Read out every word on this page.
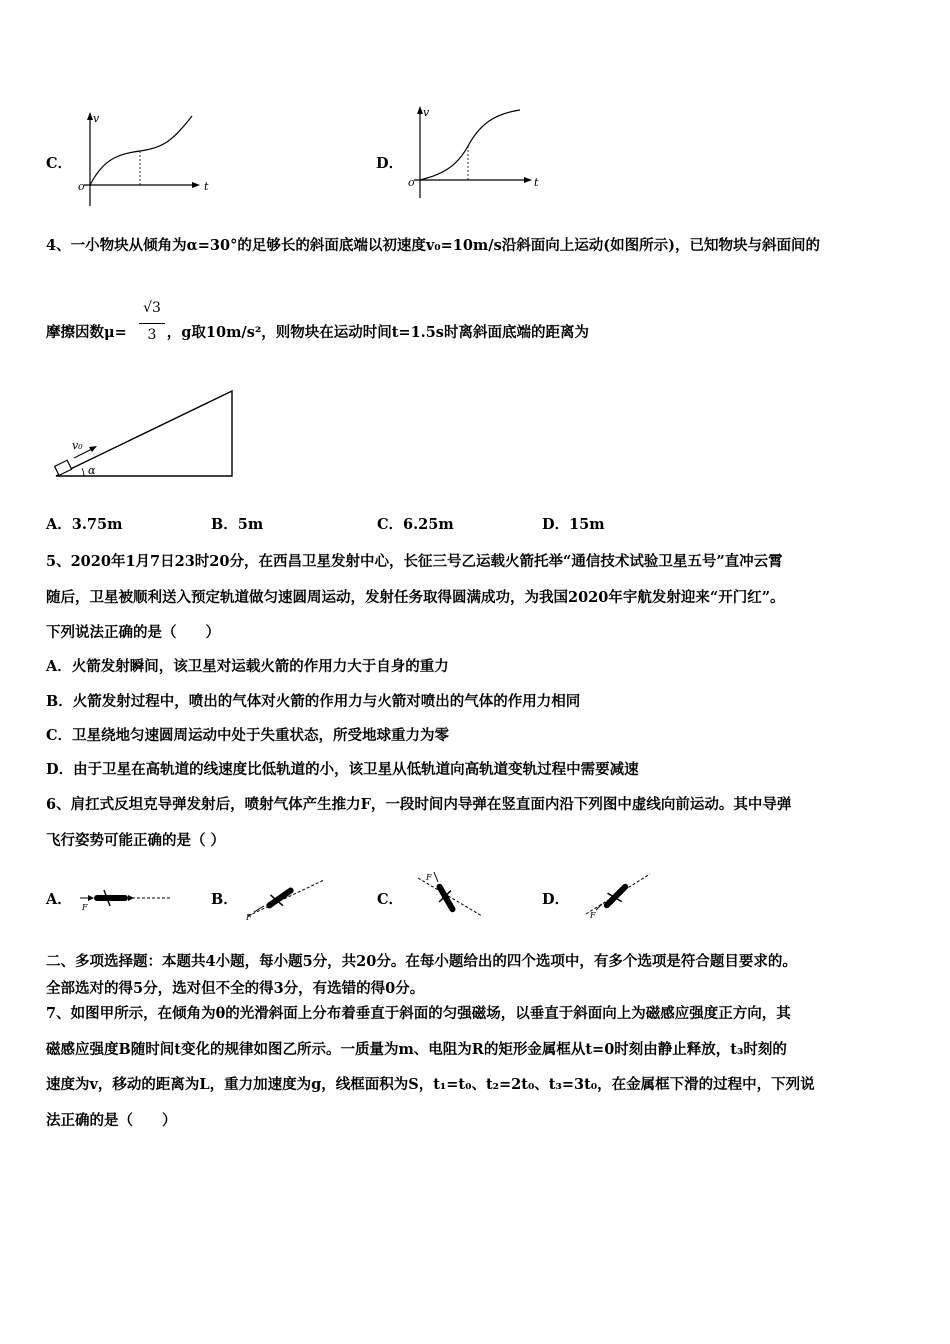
C．
v
t
o
D．
v
t
o
4、一小物块从倾角为α=30°的足够长的斜面底端以初速度v₀=10m/s沿斜面向上运动(如图所示)，已知物块与斜面间的
摩擦因数μ=	，g取10m/s²，则物块在运动时间t=1.5s时离斜面底端的距离为
√3
3
v₀
α
A．3.75m	B．5m	C．6.25m	D．15m
5、2020年1月7日23时20分，在西昌卫星发射中心，长征三号乙运载火箭托举“通信技术试验卫星五号”直冲云霄
随后，卫星被顺利送入预定轨道做匀速圆周运动，发射任务取得圆满成功，为我国2020年宇航发射迎来“开门红”。
下列说法正确的是（　　）
A．火箭发射瞬间，该卫星对运载火箭的作用力大于自身的重力
B．火箭发射过程中，喷出的气体对火箭的作用力与火箭对喷出的气体的作用力相同
C．卫星绕地匀速圆周运动中处于失重状态，所受地球重力为零
D．由于卫星在高轨道的线速度比低轨道的小，该卫星从低轨道向高轨道变轨过程中需要减速
6、肩扛式反坦克导弹发射后，喷射气体产生推力F，一段时间内导弹在竖直面内沿下列图中虚线向前运动。其中导弹
飞行姿势可能正确的是（ ）
A． F	B．
F
C．
F
D．
F
二、多项选择题：本题共4小题，每小题5分，共20分。在每小题给出的四个选项中，有多个选项是符合题目要求的。
全部选对的得5分，选对但不全的得3分，有选错的得0分。
7、如图甲所示，在倾角为θ的光滑斜面上分布着垂直于斜面的匀强磁场，以垂直于斜面向上为磁感应强度正方向，其
磁感应强度B随时间t变化的规律如图乙所示。一质量为m、电阻为R的矩形金属框从t=0时刻由静止释放，t₃时刻的
速度为v，移动的距离为L，重力加速度为g，线框面积为S，t₁=t₀、t₂=2t₀、t₃=3t₀，在金属框下滑的过程中，下列说
法正确的是（　　）
